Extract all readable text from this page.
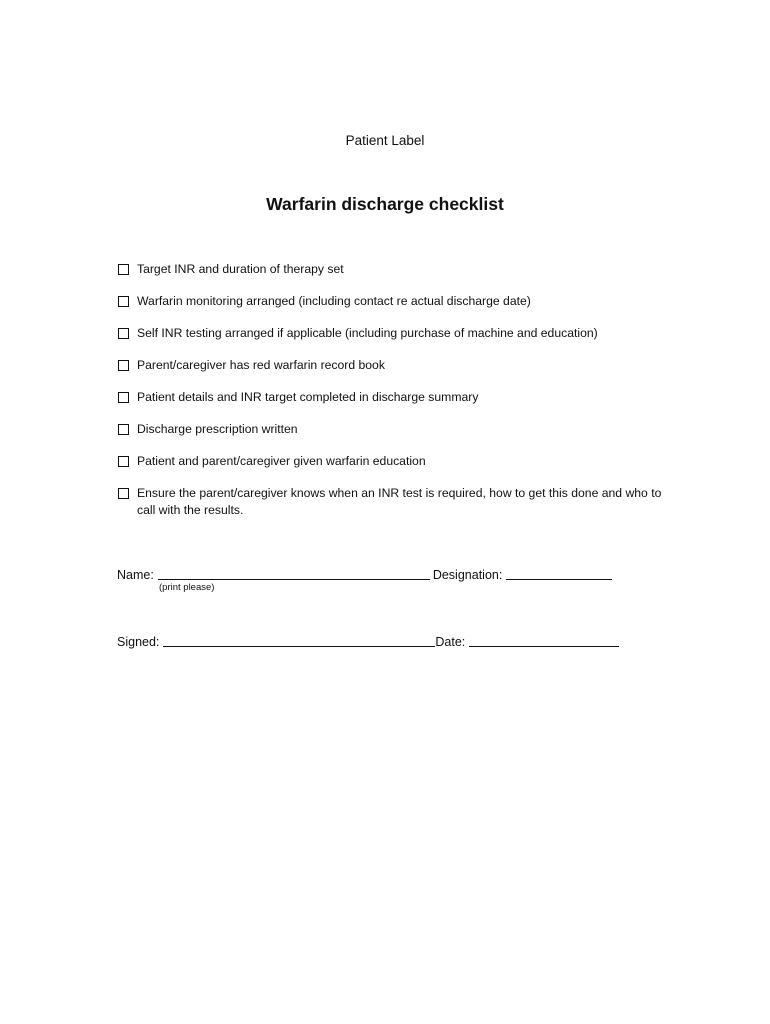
Patient Label
Warfarin discharge checklist
Target INR and duration of therapy set
Warfarin monitoring arranged (including contact re actual discharge date)
Self INR testing arranged if applicable (including purchase of machine and education)
Parent/caregiver has red warfarin record book
Patient details and INR target completed in discharge summary
Discharge prescription written
Patient and parent/caregiver given warfarin education
Ensure the parent/caregiver knows when an INR test is required, how to get this done and who to call with the results.
Name:	Designation:
(print please)
Signed:	Date:
